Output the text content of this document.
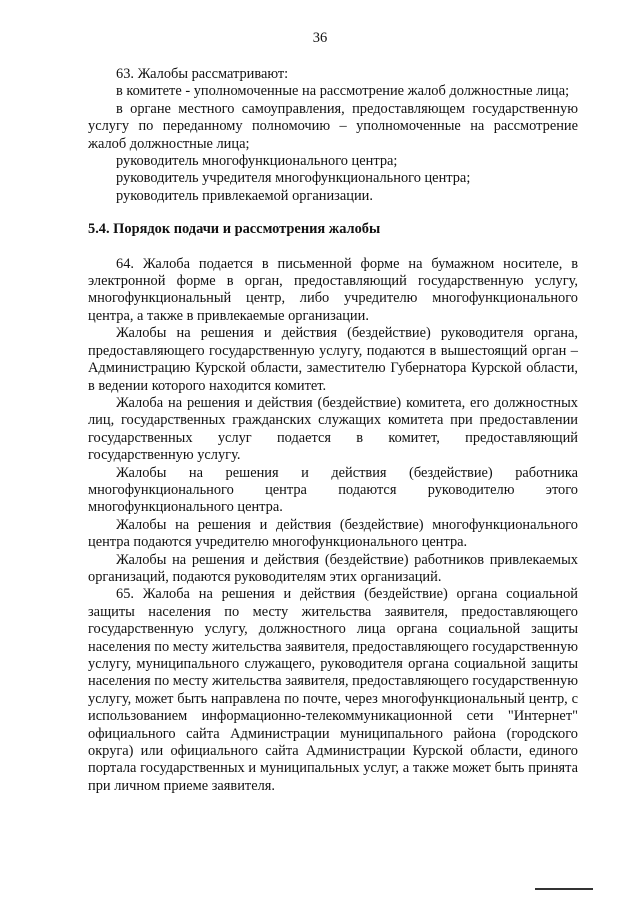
36

63. Жалобы рассматривают:

в комитете - уполномоченные на рассмотрение жалоб должностные лица;

в органе местного самоуправления, предоставляющем государственную услугу по переданному полномочию – уполномоченные на рассмотрение жалоб должностные лица;

руководитель многофункционального центра;

руководитель учредителя многофункционального центра;

руководитель привлекаемой организации.

5.4. Порядок подачи и рассмотрения жалобы

64. Жалоба подается в письменной форме на бумажном носителе, в электронной форме в орган, предоставляющий государственную услугу, многофункциональный центр, либо учредителю многофункционального центра, а также в привлекаемые организации.

Жалобы на решения и действия (бездействие) руководителя органа, предоставляющего государственную услугу, подаются в вышестоящий орган – Администрацию Курской области, заместителю Губернатора Курской области, в ведении которого находится комитет.

Жалоба на решения и действия (бездействие) комитета, его должностных лиц, государственных гражданских служащих комитета при предоставлении государственных услуг подается в комитет, предоставляющий государственную услугу.

Жалобы на решения и действия (бездействие) работника многофункционального центра подаются руководителю этого многофункционального центра.

Жалобы на решения и действия (бездействие) многофункционального центра подаются учредителю многофункционального центра.

Жалобы на решения и действия (бездействие) работников привлекаемых организаций, подаются руководителям этих организаций.

65. Жалоба на решения и действия (бездействие) органа социальной защиты населения по месту жительства заявителя, предоставляющего государственную услугу, должностного лица органа социальной защиты населения по месту жительства заявителя, предоставляющего государственную услугу, муниципального служащего, руководителя органа социальной защиты населения по месту жительства заявителя, предоставляющего государственную услугу, может быть направлена по почте, через многофункциональный центр, с использованием информационно-телекоммуникационной сети "Интернет" официального сайта Администрации муниципального района (городского округа) или официального сайта Администрации Курской области, единого портала государственных и муниципальных услуг, а также может быть принята при личном приеме заявителя.
